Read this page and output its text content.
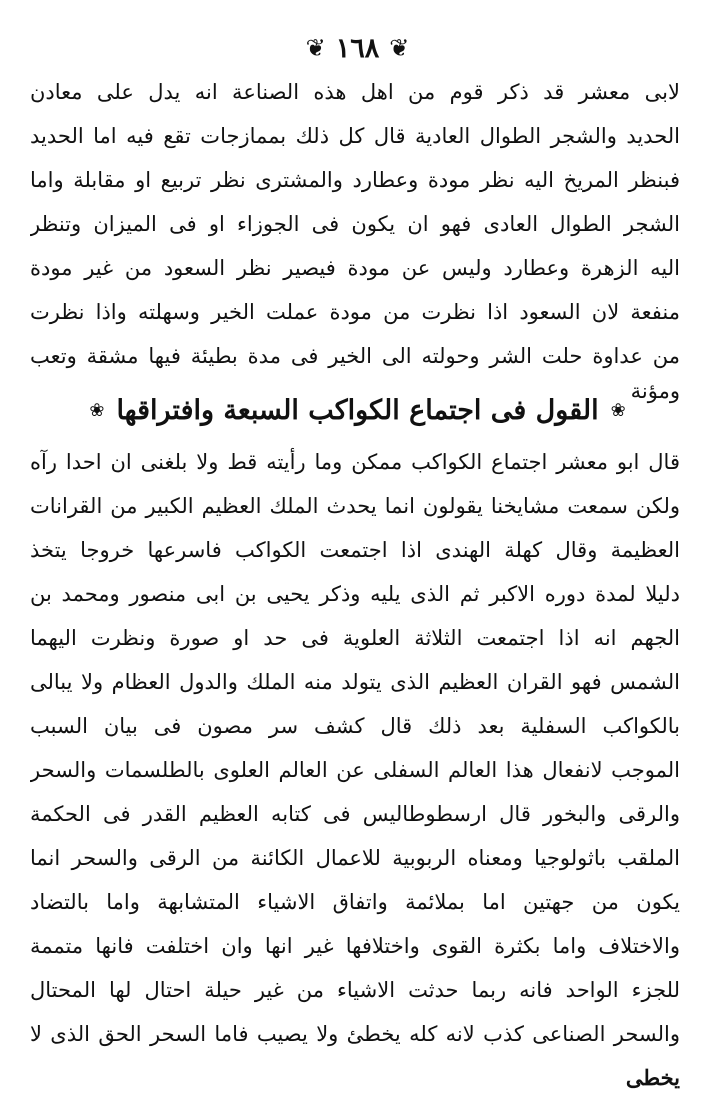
❦
١٦٨
❦
لابى معشر قد ذكر قوم من اهل هذه الصناعة انه يدل على معادن
الحديد والشجر الطوال العادية قال كل ذلك بممازجات تقع فيه اما الحديد
فبنظر المريخ اليه نظر مودة وعطارد والمشترى نظر تربيع او مقابلة واما
الشجر الطوال العادى فهو ان يكون فى الجوزاء او فى الميزان وتنظر
اليه الزهرة وعطارد وليس عن مودة فيصير نظر السعود من غير مودة
منفعة لان السعود اذا نظرت من مودة عملت الخير وسهلته واذا نظرت
من عداوة حلت الشر وحولته الى الخير فى مدة بطيئة فيها مشقة وتعب
ومؤنة
❀
القول فى اجتماع الكواكب السبعة وافتراقها
❀
قال ابو معشر اجتماع الكواكب ممكن وما رأيته قط ولا بلغنى ان احدا رآه
ولكن سمعت مشايخنا يقولون انما يحدث الملك العظيم الكبير من القرانات
العظيمة وقال كهلة الهندى اذا اجتمعت الكواكب فاسرعها خروجا يتخذ
دليلا لمدة دوره الاكبر ثم الذى يليه وذكر يحيى بن ابى منصور ومحمد بن
الجهم انه اذا اجتمعت الثلاثة العلوية فى حد او صورة ونظرت اليهما
الشمس فهو القران العظيم الذى يتولد منه الملك والدول العظام ولا يبالى
بالكواكب السفلية بعد ذلك قال كشف سر مصون فى بيان السبب
الموجب لانفعال هذا العالم السفلى عن العالم العلوى بالطلسمات والسحر
والرقى والبخور قال ارسطوطاليس فى كتابه العظيم القدر فى الحكمة
الملقب باثولوجيا ومعناه الربوبية للاعمال الكائنة من الرقى والسحر انما
يكون من جهتين اما بملائمة واتفاق الاشياء المتشابهة واما بالتضاد
والاختلاف واما بكثرة القوى واختلافها غير انها وان اختلفت فانها متممة
للجزء الواحد فانه ربما حدثت الاشياء من غير حيلة احتال لها المحتال
والسحر الصناعى كذب لانه كله يخطئ ولا يصيب فاما السحر الحق الذى لا
يخطى
